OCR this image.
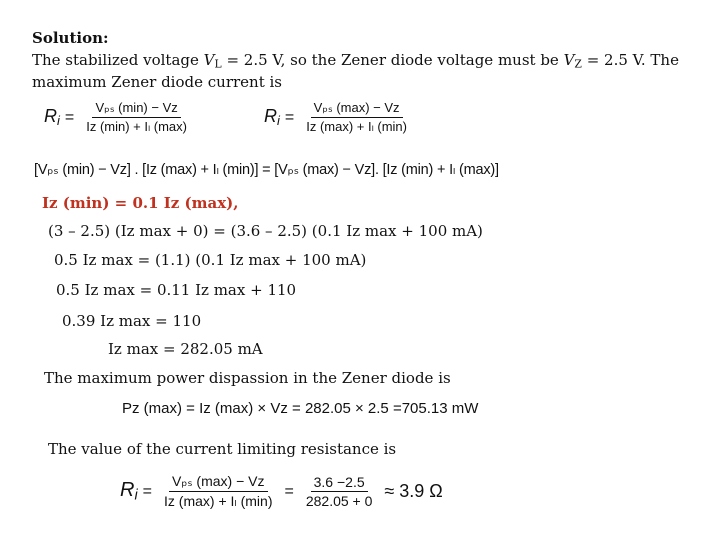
Solution:
The stabilized voltage $V_L = 2.5$ V, so the Zener diode voltage must be $V_Z = 2.5$ V. The
maximum Zener diode current is
$R_i = \frac{\text{Vₚₛ (min) − Vᴢ}}{\text{Iᴢ (min) + Iₗ (max)}}$	$R_i = \frac{\text{Vₚₛ (max) − Vᴢ}}{\text{Iᴢ (max) + Iₗ (min)}}$
[Vₚₛ (min) − Vᴢ] . [Iᴢ (max) + Iₗ (min)] = [Vₚₛ (max) − Vᴢ]. [Iᴢ (min) + Iₗ (max)]
Iᴢ (min) = 0.1 Iᴢ (max),
(3 – 2.5) (Iᴢ max + 0) = (3.6 – 2.5) (0.1 Iᴢ max + 100 mA)
0.5 Iᴢ max = (1.1) (0.1 Iᴢ max + 100 mA)
0.5 Iᴢ max = 0.11 Iᴢ max + 110
0.39 Iᴢ max = 110
Iᴢ max = 282.05 mA
The maximum power dispassion in the Zener diode is
Pᴢ (max) = Iᴢ (max) × Vᴢ = 282.05 × 2.5 =705.13 mW
The value of the current limiting resistance is
$R_i = \frac{\text{Vₚₛ (max) − Vᴢ}}{\text{Iᴢ (max) + Iₗ (min)}} = \frac{3.6 -2.5}{282.05 + 0} \approx 3.9$ Ω
